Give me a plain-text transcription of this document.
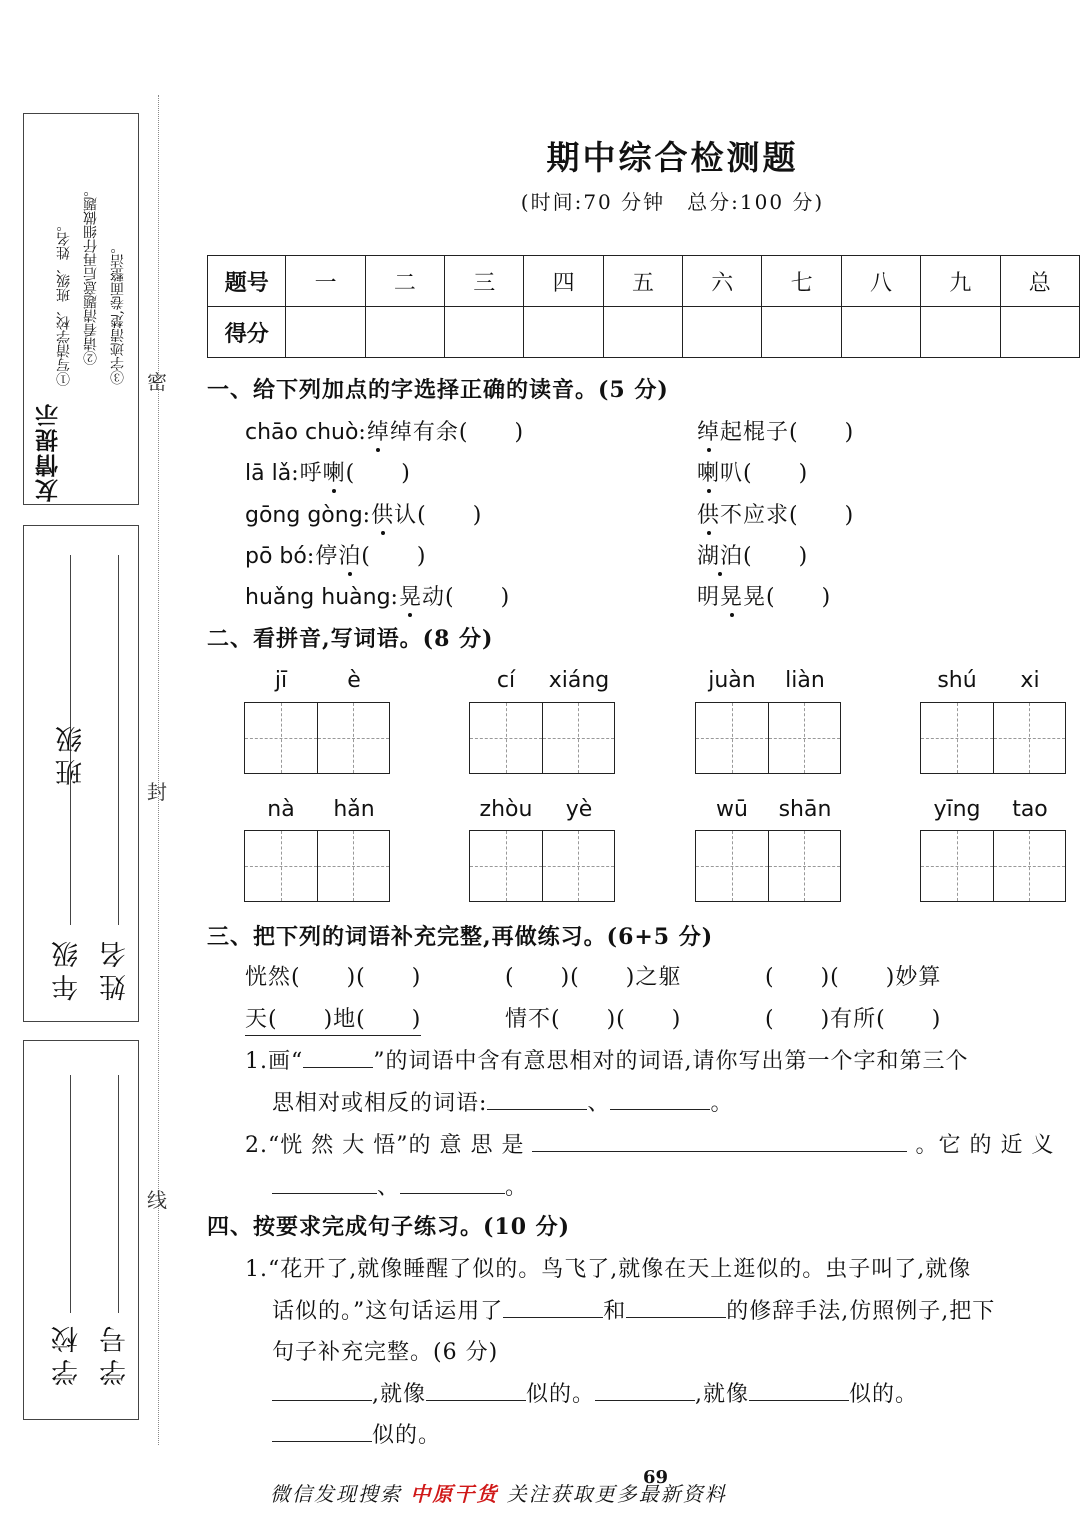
友情提示
①写清学校、班级、姓名。 ②请看清题意后再仔细做题。 ③字迹清楚,卷面整洁。
年级
班级
姓名
学校 学号
密
封
线
期中综合检测题
(时间:70 分钟　总分:100 分)
题号	一	二	三	四	五	六	七	八	九	总
得分										
一、给下列加点的字选择正确的读音。(5 分)
chāo chuò:绰绰有余(　　)	绰起棍子(　　)
lā lǎ:呼喇(　　)	喇叭(　　)
gōng gòng:供认(　　)	供不应求(　　)
pō bó:停泊(　　)	湖泊(　　)
huǎng huàng:晃动(　　)	明晃晃(　　)
二、看拼音,写词语。(8 分)
jī	è	cí	xiáng	juàn	liàn	shú	xi
nà	hǎn	zhòu	yè	wū	shān	yīng	tao
三、把下列的词语补充完整,再做练习。(6+5 分)
恍然(　　)(　　)	(　　)(　　)之躯	(　　)(　　)妙算
天(　　)地(　　)	情不(　　)(　　)	(　　)有所(　　)
1.画“	”的词语中含有意思相对的词语,请你写出第一个字和第三个
思相对或相反的词语:	、	。
2.“恍 然 大 悟”的 意 思 是	。它 的 近 义
、	。
四、按要求完成句子练习。(10 分)
1.“花开了,就像睡醒了似的。鸟飞了,就像在天上逛似的。虫子叫了,就像
话似的。”这句话运用了	和	的修辞手法,仿照例子,把下
句子补充完整。(6 分)
,就像	似的。	,就像	似的。
似的。
微信发现搜索 中原干货 关注获取更多最新资料
69
